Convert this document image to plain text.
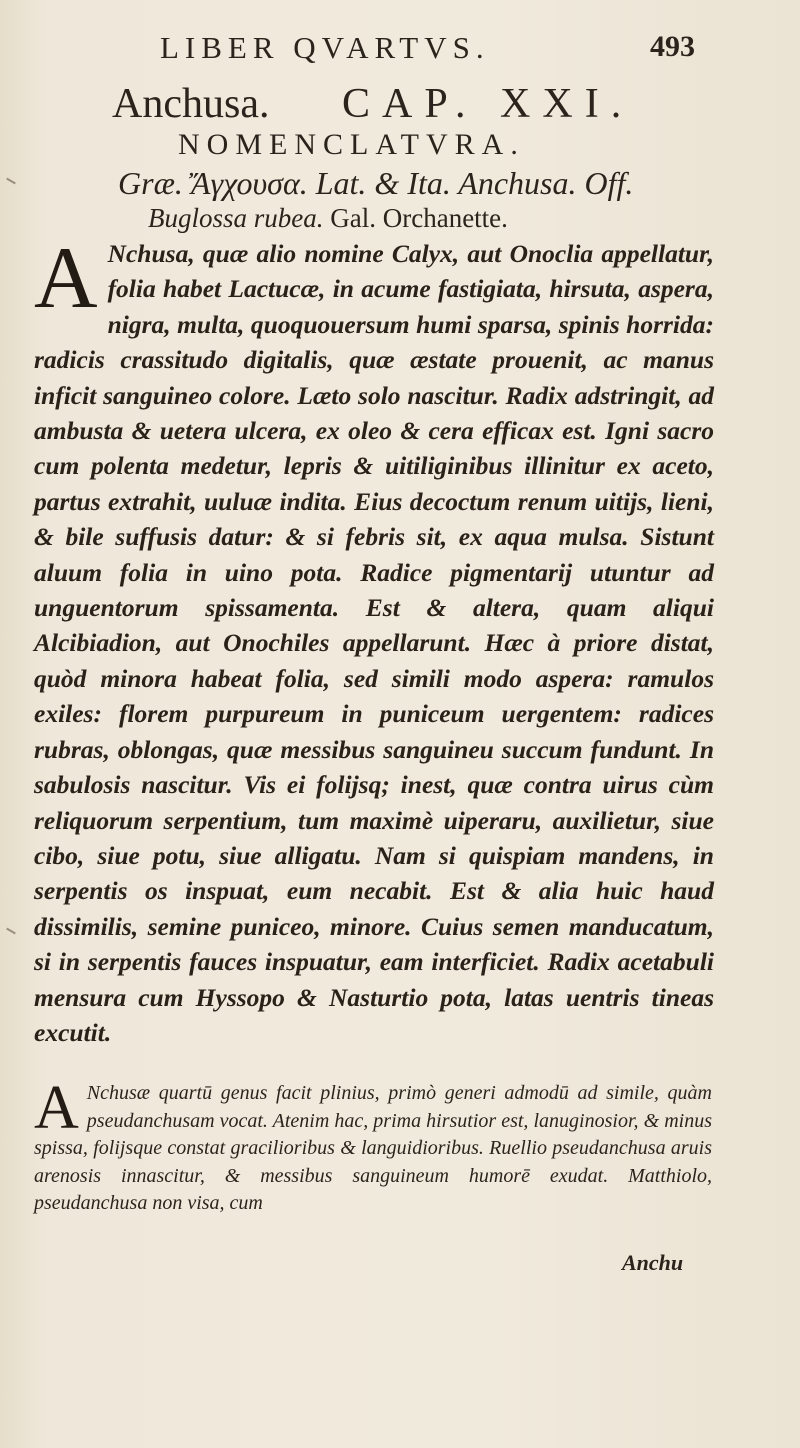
LIBER QVARTVS.	493
Anchusa. CAP. XXI.
NOMENCLATVRA.
Græ. Ἄγχουσα. Lat. & Ita. Anchusa. Off.
Buglossa rubea. Gal. Orchanette.
A Nchusa, quæ alio nomine Calyx, aut Onoclia appellatur, folia habet Lactucæ, in acume fastigiata, hirsuta, aspera, nigra, multa, quoquouersum humi sparsa, spinis horrida: radicis crassitudo digitalis, quæ æstate prouenit, ac manus inficit sanguineo colore. Læto solo nascitur. Radix adstringit, ad ambusta & uetera ulcera, ex oleo & cera efficax est. Igni sacro cum polenta medetur, lepris & uitiliginibus illinitur ex aceto, partus extrahit, uuluæ indita. Eius decoctum renum uitijs, lieni, & bile suffusis datur: & si febris sit, ex aqua mulsa. Sistunt aluum folia in uino pota. Radice pigmentarij utuntur ad unguentorum spissamenta. Est & altera, quam aliqui Alcibiadion, aut Onochiles appellarunt. Hæc à priore distat, quòd minora habeat folia, sed simili modo aspera: ramulos exiles: florem purpureum in puniceum uergentem: radices rubras, oblongas, quæ messibus sanguineu succum fundunt. In sabulosis nascitur. Vis ei folijsq; inest, quæ contra uirus cùm reliquorum serpentium, tum maximè uiperaru, auxilietur, siue cibo, siue potu, siue alligatu. Nam si quispiam mandens, in serpentis os inspuat, eum necabit. Est & alia huic haud dissimilis, semine puniceo, minore. Cuius semen manducatum, si in serpentis fauces inspuatur, eam interficiet. Radix acetabuli mensura cum Hyssopo & Nasturtio pota, latas uentris tineas excutit.
A Nchusæ quartū genus facit plinius, primò generi admodū ad simile, quàm pseudanchusam vocat. Atenim hac, prima hirsutior est, lanuginosior, & minus spissa, folijsque constat gracilioribus & languidioribus. Ruellio pseudanchusa aruis arenosis innascitur, & messibus sanguineum humorē exudat. Matthiolo, pseudanchusa non visa, cum
Anchu
